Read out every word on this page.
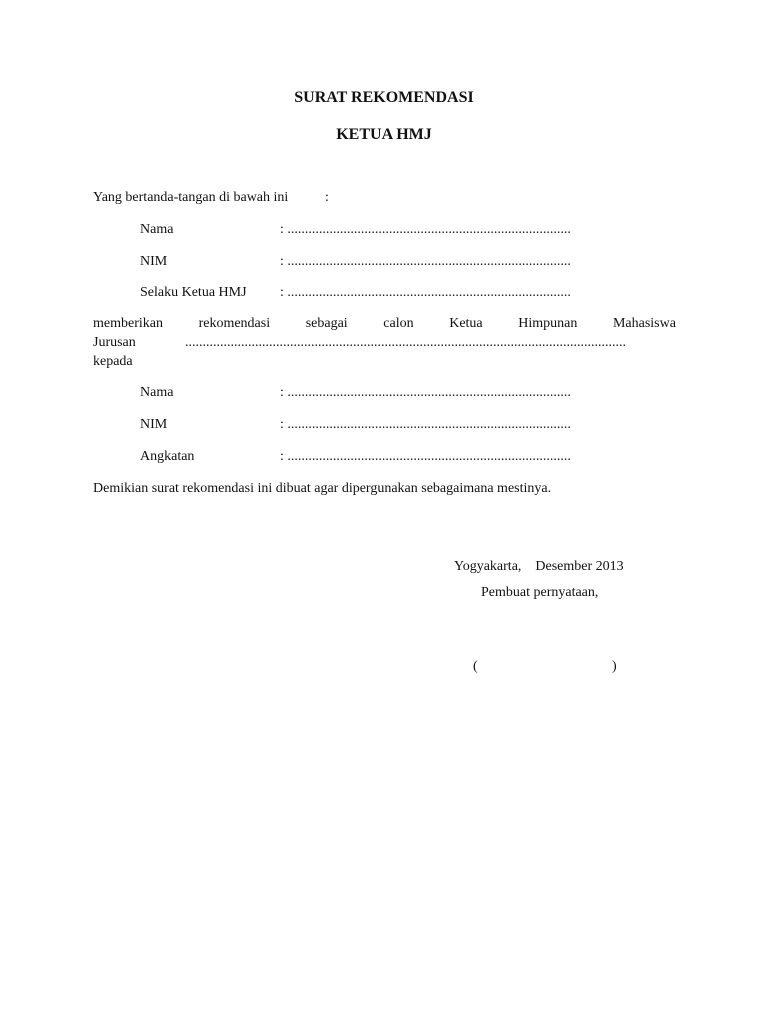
SURAT REKOMENDASI

KETUA HMJ

Yang bertanda-tangan di bawah ini	:

Nama	: .................................................................................

NIM	: .................................................................................

Selaku Ketua HMJ : .................................................................................

memberikan	rekomendasi	sebagai	calon	Ketua	Himpunan	Mahasiswa

Jurusan	..............................................................................................................................

kepada

Nama	: .................................................................................

NIM	: .................................................................................

Angkatan	: .................................................................................

Demikian surat rekomendasi ini dibuat agar dipergunakan sebagaimana mestinya.

Yogyakarta,    Desember 2013

Pembuat pernyataan,

(	)
